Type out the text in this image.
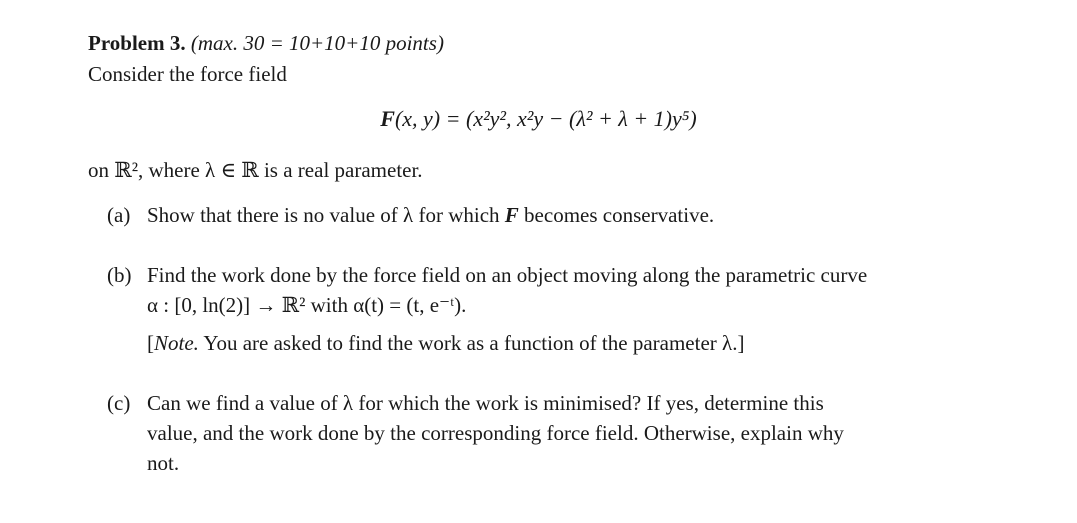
Problem 3. (max. 30 = 10+10+10 points)
Consider the force field
F(x, y) = (x²y², x²y − (λ² + λ + 1)y⁵)
on ℝ², where λ ∈ ℝ is a real parameter.
(a) Show that there is no value of λ for which F becomes conservative.
(b) Find the work done by the force field on an object moving along the parametric curve
α : [0, ln(2)] → ℝ² with α(t) = (t, e⁻ᵗ).
[Note. You are asked to find the work as a function of the parameter λ.]
(c) Can we find a value of λ for which the work is minimised? If yes, determine this
value, and the work done by the corresponding force field. Otherwise, explain why
not.
